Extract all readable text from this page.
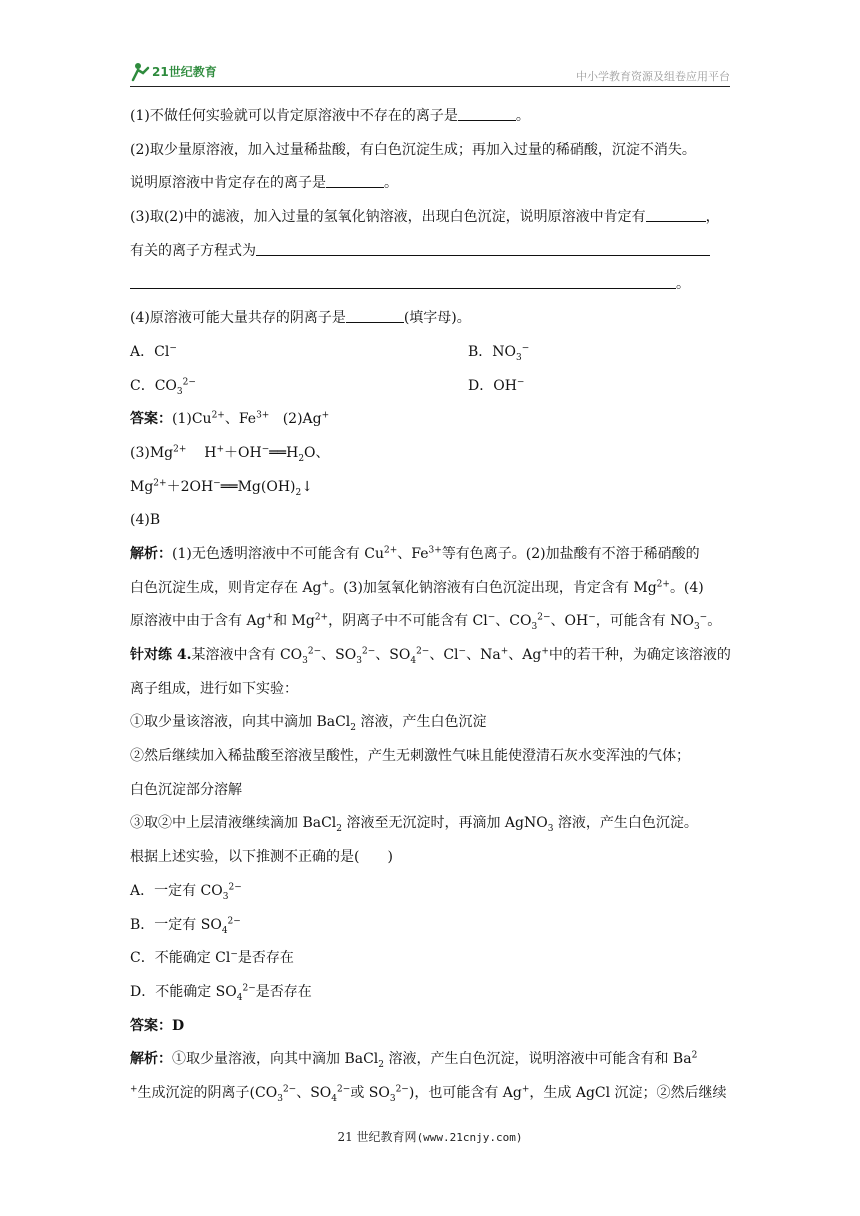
21世纪教育	中小学教育资源及组卷应用平台
(1)不做任何实验就可以肯定原溶液中不存在的离子是	。
(2)取少量原溶液，加入过量稀盐酸，有白色沉淀生成；再加入过量的稀硝酸，沉淀不消失。
说明原溶液中肯定存在的离子是	。
(3)取(2)中的滤液，加入过量的氢氧化钠溶液，出现白色沉淀，说明原溶液中肯定有	，
有关的离子方程式为
。
(4)原溶液可能大量共存的阴离子是	(填字母)。
A．Cl−	B．$NO_3^-$
C．$CO_3^{2-}$	D．OH−
答案：$(1)Cu^{2+}$、$Fe^{3+}$ (2)Ag+
$(3)Mg^{2+}$ $H^++OH^-══H_2O$、
$Mg^{2+}+2OH^-══Mg(OH)_2↓$
(4)B
解析：(1)无色透明溶液中不可能含有 $Cu^{2+}$、$Fe^{3+}$等有色离子。(2)加盐酸有不溶于稀硝酸的
白色沉淀生成，则肯定存在 Ag+。(3)加氢氧化钠溶液有白色沉淀出现，肯定含有 $Mg^{2+}$。(4)
原溶液中由于含有 Ag+和 $Mg^{2+}$，阴离子中不可能含有 Cl−、$CO_3^{2-}$、OH−，可能含有 $NO_3^-$。
针对练 4.某溶液中含有 $CO_3^{2-}$、$SO_3^{2-}$、$SO_4^{2-}$、Cl−、Na+、Ag+中的若干种，为确定该溶液的
离子组成，进行如下实验：
①取少量该溶液，向其中滴加 BaCl$_2$ 溶液，产生白色沉淀
②然后继续加入稀盐酸至溶液呈酸性，产生无刺激性气味且能使澄清石灰水变浑浊的气体；
白色沉淀部分溶解
③取②中上层清液继续滴加 BaCl$_2$ 溶液至无沉淀时，再滴加 AgNO$_3$ 溶液，产生白色沉淀。
根据上述实验，以下推测不正确的是(　　)
A．一定有 $CO_3^{2-}$
B．一定有 $SO_4^{2-}$
C．不能确定 Cl−是否存在
D．不能确定 $SO_4^{2-}$是否存在
答案：D
解析：①取少量溶液，向其中滴加 BaCl$_2$ 溶液，产生白色沉淀，说明溶液中可能含有和 Ba$^2$
+生成沉淀的阴离子($CO_3^{2-}$、$SO_4^{2-}$或 $SO_3^{2-}$)，也可能含有 Ag+，生成 AgCl 沉淀；②然后继续
21 世纪教育网(www.21cnjy.com)
